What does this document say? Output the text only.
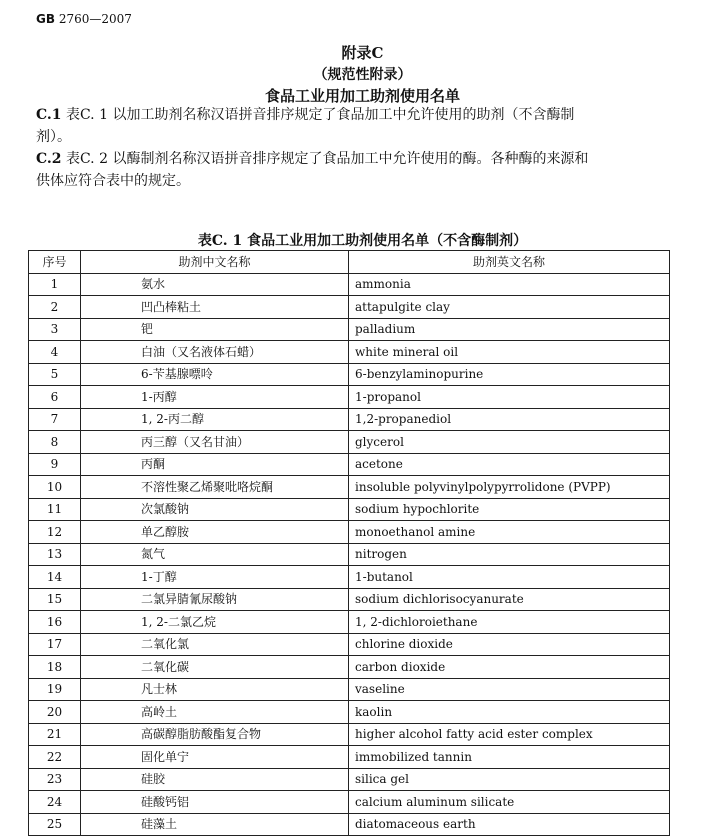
GB 2760—2007
附录C
（规范性附录）
食品工业用加工助剂使用名单
C.1 表C. 1 以加工助剂名称汉语拼音排序规定了食品加工中允许使用的助剂（不含酶制
剂）。
C.2 表C. 2 以酶制剂名称汉语拼音排序规定了食品加工中允许使用的酶。各种酶的来源和
供体应符合表中的规定。
表C. 1 食品工业用加工助剂使用名单（不含酶制剂）
序号	助剂中文名称	助剂英文名称
1	氨水	ammonia
2	凹凸棒粘土	attapulgite clay
3	钯	palladium
4	白油（又名液体石蜡）	white mineral oil
5	6-苄基腺嘌呤	6-benzylaminopurine
6	1-丙醇	1-propanol
7	1, 2-丙二醇	1,2-propanediol
8	丙三醇（又名甘油）	glycerol
9	丙酮	acetone
10	不溶性聚乙烯聚吡咯烷酮	insoluble polyvinylpolypyrrolidone (PVPP)
11	次氯酸钠	sodium hypochlorite
12	单乙醇胺	monoethanol amine
13	氮气	nitrogen
14	1-丁醇	1-butanol
15	二氯异腈氰尿酸钠	sodium dichlorisocyanurate
16	1, 2-二氯乙烷	1, 2-dichloroiethane
17	二氧化氯	chlorine dioxide
18	二氧化碳	carbon dioxide
19	凡士林	vaseline
20	高岭土	kaolin
21	高碳醇脂肪酸酯复合物	higher alcohol fatty acid ester complex
22	固化单宁	immobilized tannin
23	硅胶	silica gel
24	硅酸钙铝	calcium aluminum silicate
25	硅藻土	diatomaceous earth
